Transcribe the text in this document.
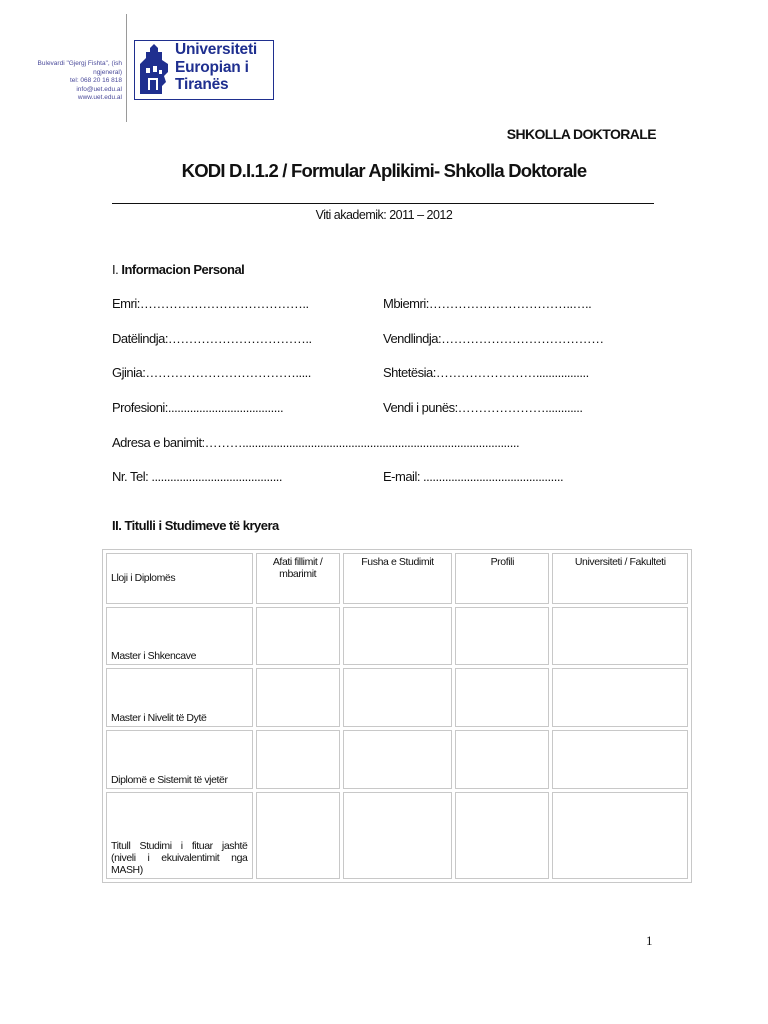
Bulevardi "Gjergj Fishta", (ish ngjeneral)
tel: 068 20 16 818
info@uet.edu.al
www.uet.edu.al
Universiteti
Europian i
Tiranës
SHKOLLA DOKTORALE
KODI D.I.1.2 / Formular Aplikimi- Shkolla Doktorale
Viti akademik: 2011 – 2012
I. Informacion Personal
Emri:…………………………………..	Mbiemri:……………………………..…..
Datëlindja:……………………………..	Vendlindja:…………………………………
Gjinia:……………………………….....	Shtetësia:…………………….................
Profesioni:.....................................	Vendi i punës:…………………............
Adresa e banimit:……….........................................................................................
Nr. Tel: ..........................................	E-mail: .............................................
II. Titulli i Studimeve të kryera
Lloji i Diplomës	Afati fillimit / mbarimit	Fusha e Studimit	Profili	Universiteti / Fakulteti
Master i Shkencave				
Master i Nivelit të Dytë				
Diplomë e Sistemit të vjetër				
Titull Studimi i fituar jashtë (niveli i ekuivalentimit nga MASH)				
1
